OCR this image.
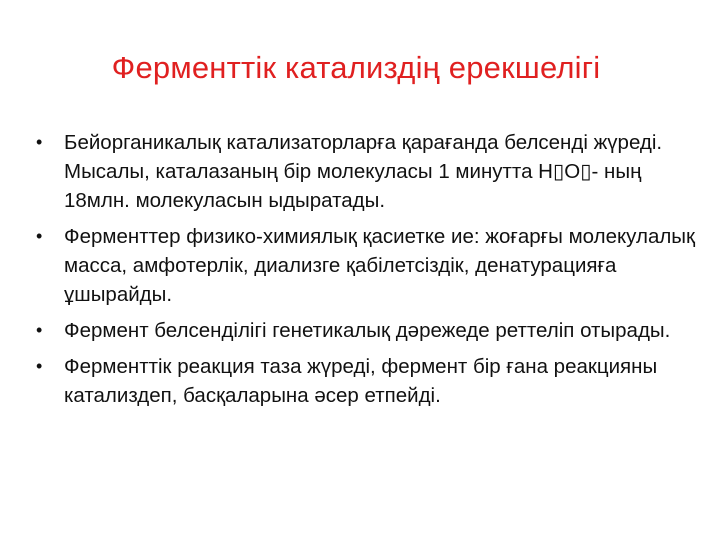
Ферменттік катализдің ерекшелігі
• Бейорганикалық катализаторларға қарағанда белсенді жүреді. Мысалы, каталазаның бір молекуласы 1 минутта H▯O▯- ның 18млн. молекуласын ыдыратады.
• Ферменттер физико-химиялық қасиетке ие: жоғарғы молекулалық масса, амфотерлік, диализге қабілетсіздік, денатурацияға ұшырайды.
• Фермент белсенділігі генетикалық дәрежеде реттеліп отырады.
• Ферменттік реакция таза жүреді, фермент бір ғана реакцияны катализдеп, басқаларына әсер етпейді.
